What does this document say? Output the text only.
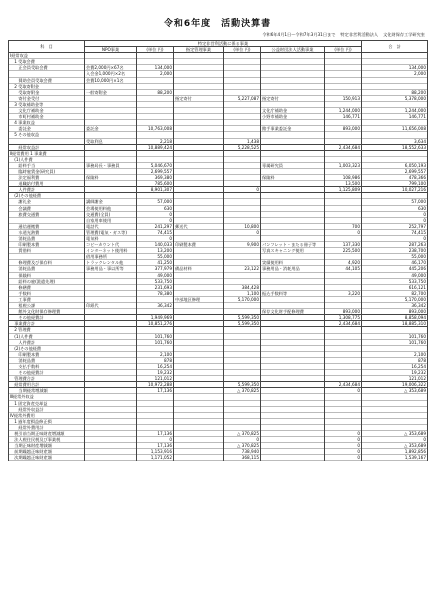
令和6年度　活動決算書
令和6年4月1日～令和7年3月31日まで 特定非営利活動法人 文化財保存工学研究室
科　目	特定非営利活動に係る事業						合　計
	NPO事業	(単位 円)	指定管理事業	(単位 円)	公益財団法人活動事業	(単位 円)	
Ⅰ経常収益							
　1 受取会費							
　　正会員受取会費	会費2,000円×67名	134,000					134,000
	入会金1,000円×2名	2,000					2,000
　　賛助会員受取会費	会費10,000円×1名						
　2 受取寄附金							
　　受取寄附金	一般寄附金	88,200					88,200
　　寄付金受付			指定寄付	5,227,087	指定寄付	150,913	5,378,000
　3 受取補助金等							
　　文化庁補助金					文化庁補助金	1,244,000	1,244,000
　　市町村補助金					小野市補助金	146,771	146,771
　4 事業収益							
　　委託金	委託金	10,763,008			館手事業委託金	893,000	11,656,008
　5 その他収益							
	受取利息	2,218		1,438			3,634
　　経常収益計		10,889,424		5,228,525		2,434,684	18,552,633
Ⅱ経常費用 1 事業費							
　(1)人件費							
　　給料手当	事務局長・事務員	5,046,670			専属研究員	1,003,323	6,050,193
　　臨時雇賃金(研究員)		2,699,557					2,699,557
　　法定福利費	保険料	369,380			保険料	108,986	478,366
　　退職給付費用		785,600				13,500	799,100
　　人件費計		8,901,307		0		1,125,809	10,027,216
　(2)その他経費							
　　謝礼金	講師謝金	57,000					57,000
　　会議費	会場使用料他	630					630
　　旅費交通費	交通費(全員)	0					0
	自家用車使用	0					0
　　通信運搬費	電話代	241,297	郵送代	10,800		700	252,797
　　水道光熱費	管理費(電気・ガス等)	74,415		0		0	74,415
　　消耗品費	電気料	0					0
　　印刷製本費	コピーカウント代	140,033	印刷製本費	9,900	パンフレット・またる冊子等	137,330	287,263
　　賃借料	インターネット使用料	13,200			写真スキャニング使用	225,500	238,700
	借用事務所	55,000					55,000
　　修理費及び保存料	トラックレンタル他	41,250			実績使用料	4,920	46,170
　　消耗品費	事務用品・事以所等	377,979	備品材料	23,122	事務用品・消耗用品	44,105	445,206
　　保険料		49,000					49,000
　　給料の雇(派遣先理)		533,750					533,750
　　修繕費		231,693		384,428			616,121
　　手数料		78,380		1,100	振込手数料等	3,220	82,700
　　工事費			中部地区修理	5,170,000			5,170,000
　　租税公課	印紙代	36,342					36,342
　　館外文化財保存修理費					保存文化財手配修理費	893,000	893,000
　　その他経費計		1,949,969		5,599,350		1,308,775	8,858,094
　事業費合計		10,851,276		5,599,350		2,434,684	18,885,310
　2 管理費							
　(1)人件費		101,760					101,760
　　人件費計		101,760					101,760
　(2)その他経費							
　　印刷製本費		2,100					2,100
　　消耗品費		878					878
　　支払手数料		16,254					16,254
　　その他経費計		19,232					19,232
　管理費合計		121,012					121,012
　経常費用合計		10,972,288		5,599,350		2,434,684	19,006,322
　　当期経常増減額		17,136		△ 370,825		0	△ 353,689
Ⅲ経常外収益							
　1 固定資産売却益							
　　経常外収益計							
Ⅳ経常外費用							
　1 過年度損益修正損							
　　経常外費用計							
　税引前当期正味財産増減額		17,136		△ 370,825		0	△ 353,689
　法人税住民税及び事業税		0		0		0	0
　当期正味財産増減額		17,136		△ 370,825		0	△ 353,689
　前期繰越正味財産額		1,153,916		738,940		0	1,892,856
　次期繰越正味財産額		1,171,052		368,115		0	1,539,167
